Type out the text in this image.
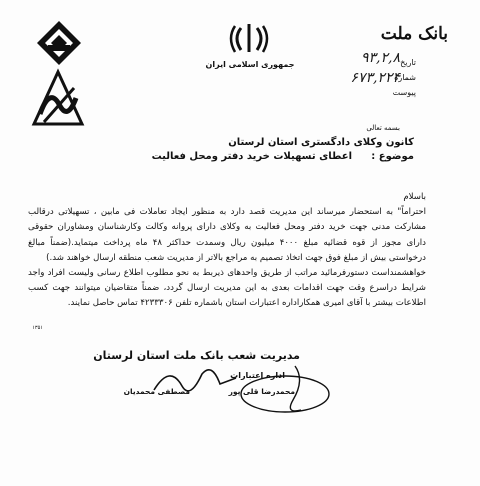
جمهوری اسلامی ایران
بانک ملت
تاریخ
شماره
پیوست
۹۳,۲,۸
۶۷۳,۲۲۴
بسمه تعالی
کانون وکلای دادگستری استان لرستان
موضوع :
اعطای تسهیلات خرید دفتر ومحل فعالیت

باسلام

احتراماً" به استحضار میرساند این مدیریت قصد دارد به منظور ایجاد تعاملات فی مابین ، تسهیلاتی درقالب مشارکت مدنی جهت خرید دفتر ومحل فعالیت به وکلای دارای پروانه وکالت وکارشناسان ومشاوران حقوقی دارای مجوز از قوه قضائیه مبلغ ۴۰۰۰ میلیون ریال وسمدت حداکثر ۴۸ ماه پرداخت میتماید.(ضمناً مبالغ درخواستی بیش از مبلغ فوق جهت اتخاذ تصمیم به مراجع بالاتر از مدیریت شعب منطقه ارسال خواهند شد.)

خواهشمنداست دستورفرمائید مراتب از طریق واحدهای ذیربط به نحو مطلوب اطلاع رسانی ولیست افراد واجد شرایط دراسرع وقت جهت اقدامات بعدی به این مدیریت ارسال گردد، ضمناً متقاضیان میتوانند جهت کسب اطلاعات بیشتر با آقای امیری همکاراداره اعتبارات استان باشماره تلفن ۴۲۳۳۳۰۶ تماس حاصل نمایند.

۱۳۵۱
مدیریت شعب بانک ملت استان لرستان
اداره اعتبارات
محمدرضا قلی پور
مصطفی محمدیان
